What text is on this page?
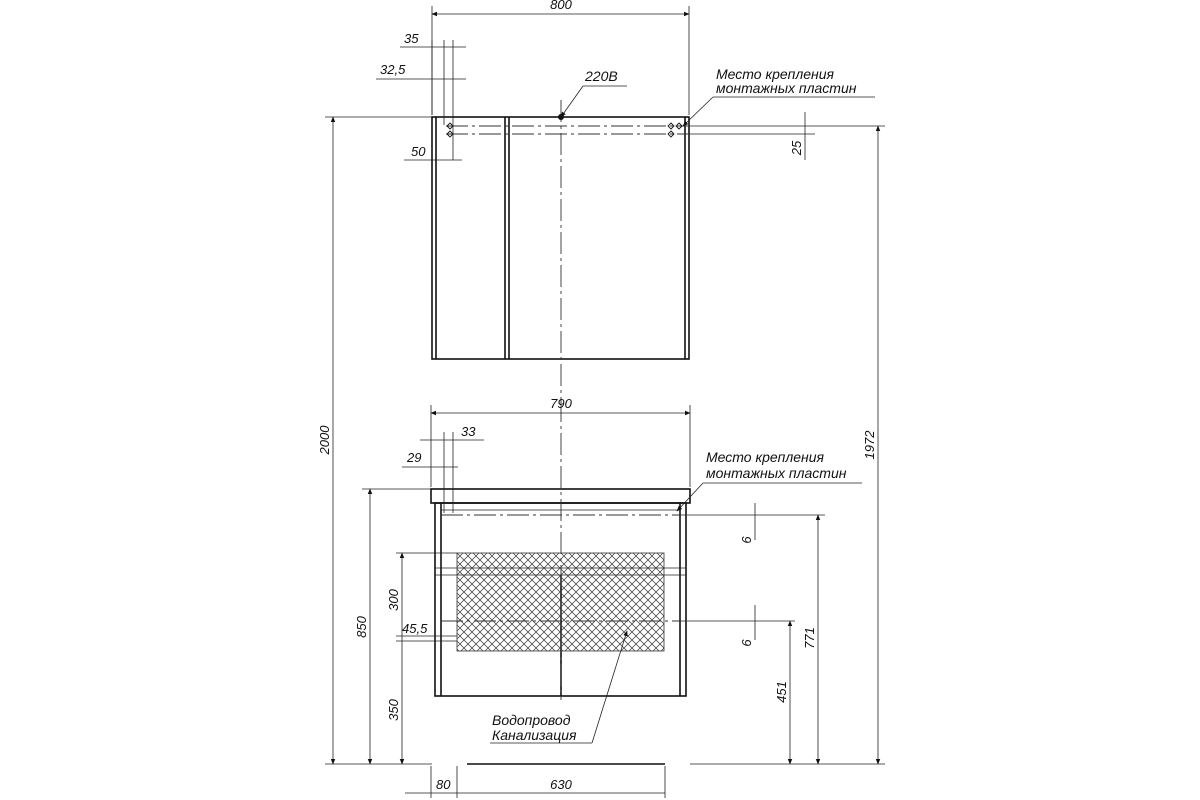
800
35
32,5
50
220В	Место крепления
монтажных пластин
25
2000	1972
790
33
29	Место крепления
монтажных пластин
850
300
45,5
350
6
6	771
451
Водопровод
Канализация
80	630
